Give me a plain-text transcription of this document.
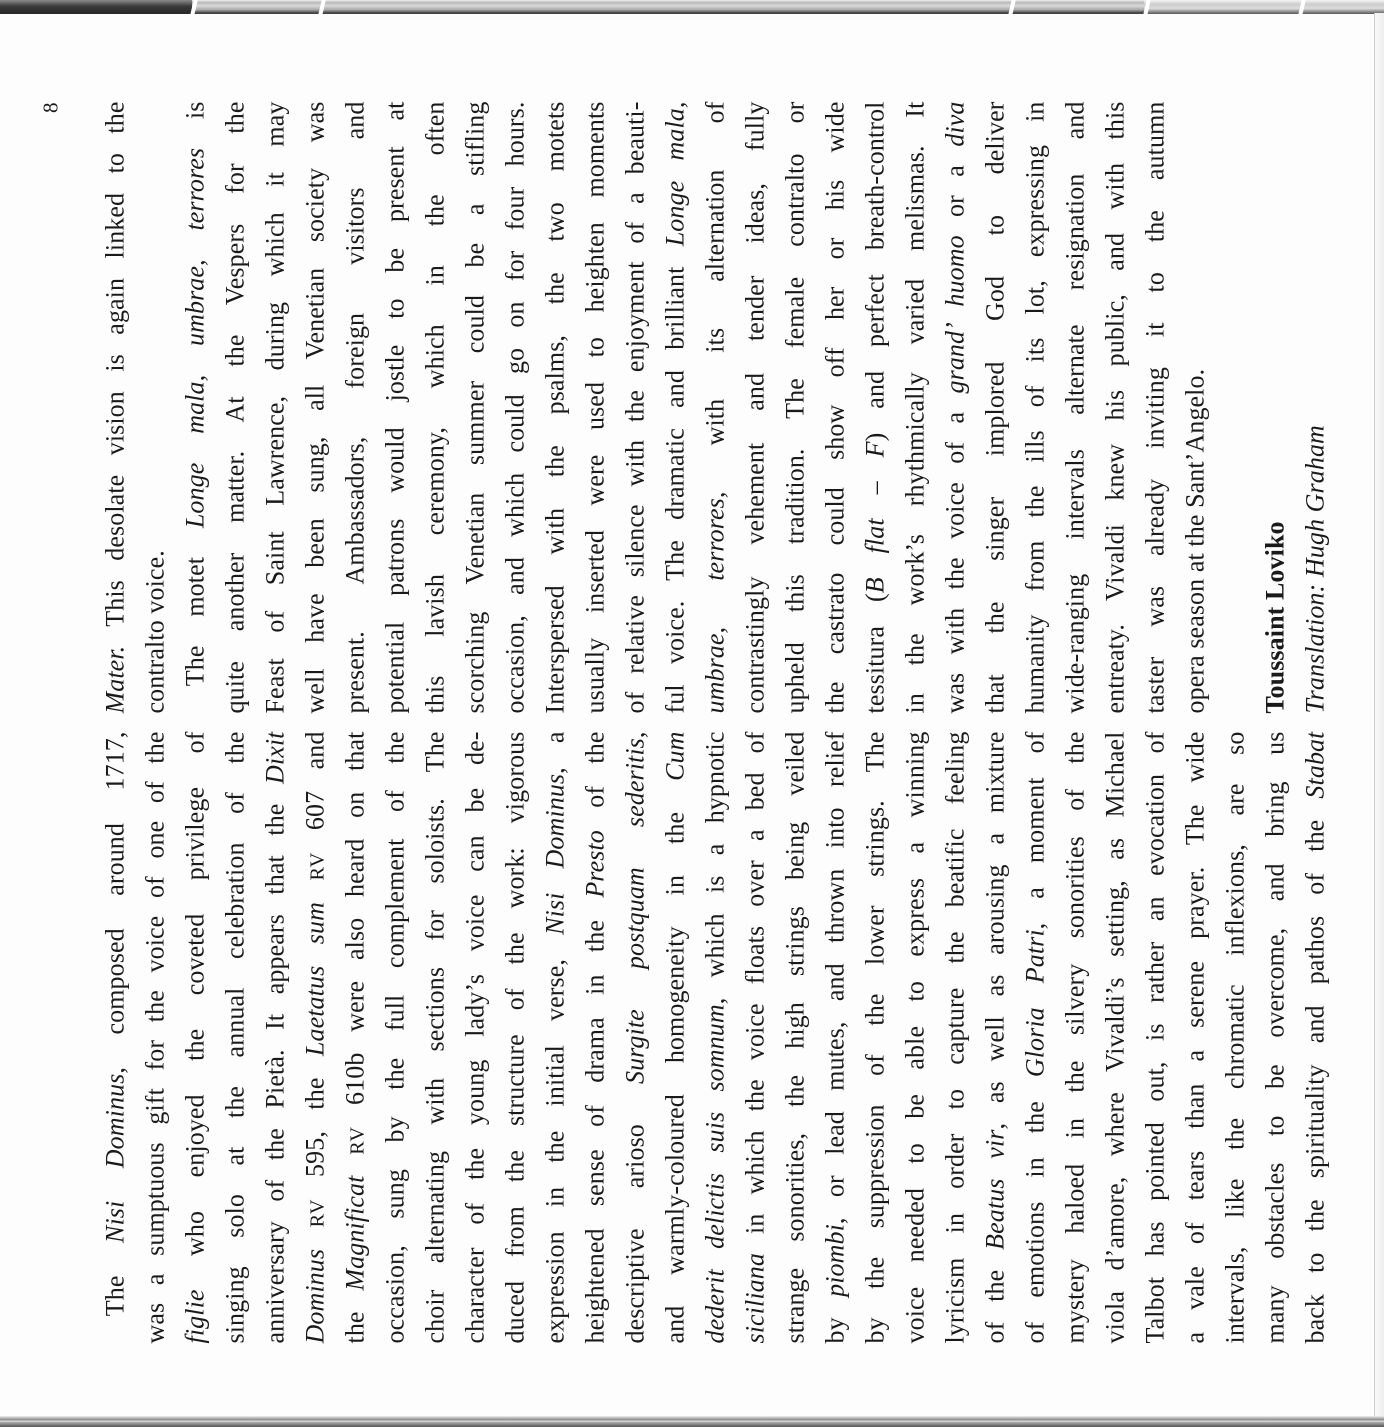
8
The Nisi Dominus, composed around 1717, was a sumptuous gift for the voice of one of the figlie who enjoyed the coveted privilege of singing solo at the annual celebration of the anniversary of the Pietà. It appears that the Dixit
Dominus RV 595, the Laetatus sum RV 607 and
the Magnificat RV 610b were also heard on that occasion, sung by the full complement of the choir alternating with sections for soloists. The character of the young lady’s voice can be de- duced from the structure of the work: vigorous expression in the initial verse, Nisi Dominus, a
heightened sense of drama in the Presto of the
descriptive arioso Surgite postquam sederitis,
and warmly-coloured homogeneity in the Cum
dederit delictis suis somnum, which is a hypnotic
siciliana in which the voice floats over a bed of strange sonorities, the high strings being veiled by piombi, or lead mutes, and thrown into relief by the suppression of the lower strings. The voice needed to be able to express a winning lyricism in order to capture the beatific feeling of the Beatus vir, as well as arousing a mixture
of emotions in the Gloria Patri, a moment of mystery haloed in the silvery sonorities of the viola d’amore, where Vivaldi’s setting, as Michael Talbot has pointed out, is rather an evocation of a vale of tears than a serene prayer. The wide intervals, like the chromatic inflexions, are so many obstacles to be overcome, and bring us back to the spirituality and pathos of the Stabat
Mater. This desolate vision is again linked to the contralto voice. The motet Longe mala, umbrae, terrores is quite another matter. At the Vespers for the Feast of Saint Lawrence, during which it may well have been sung, all Venetian society was present. Ambassadors, foreign visitors and potential patrons would jostle to be present at this lavish ceremony, which in the often scorching Venetian summer could be a stifling occasion, and which could go on for four hours. Interspersed with the psalms, the two motets usually inserted were used to heighten moments of relative silence with the enjoyment of a beauti- ful voice. The dramatic and brilliant Longe mala,
umbrae, terrores, with its alternation of contrastingly vehement and tender ideas, fully upheld this tradition. The female contralto or the castrato could show off her or his wide tessitura (B flat – F) and perfect breath-control in the work’s rhythmically varied melismas. It was with the voice of a grand’ huomo or a diva that the singer implored God to deliver humanity from the ills of its lot, expressing in wide-ranging intervals alternate resignation and entreaty. Vivaldi knew his public, and with this taster was already inviting it to the autumn opera season at the Sant’Angelo. Toussaint Loviko Translation: Hugh Graham
